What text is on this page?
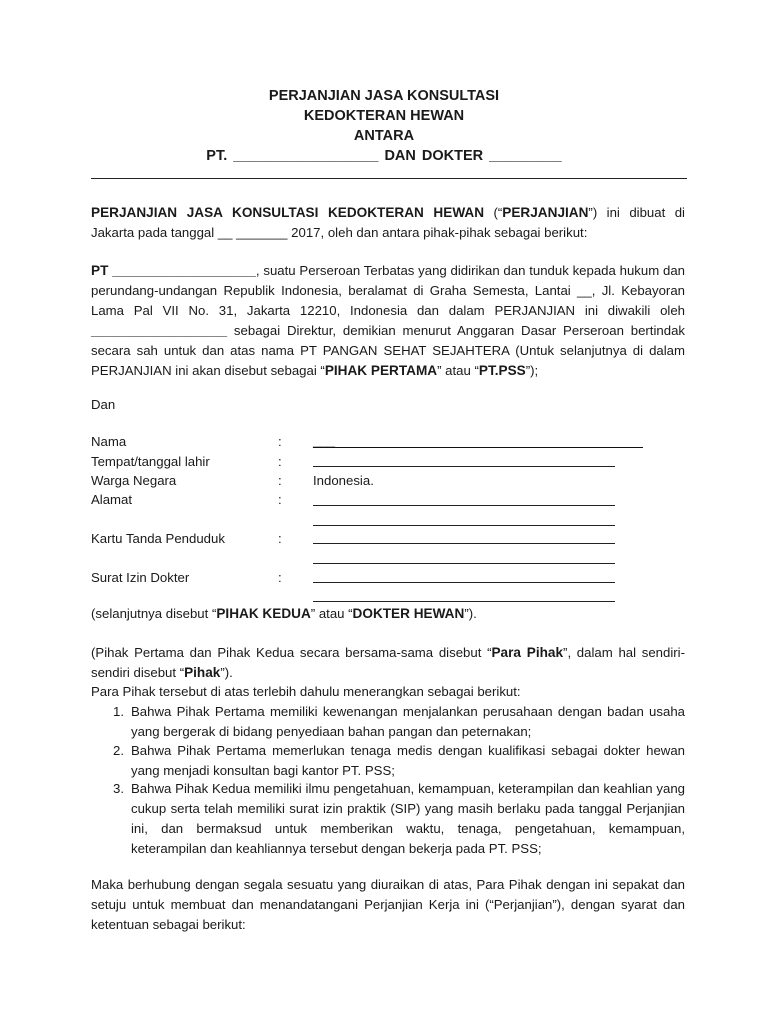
PERJANJIAN JASA KONSULTASI
KEDOKTERAN HEWAN
ANTARA
PT. __________________ DAN DOKTER _________
PERJANJIAN JASA KONSULTASI KEDOKTERAN HEWAN (“PERJANJIAN”) ini dibuat di Jakarta pada tanggal __ _______ 2017, oleh dan antara pihak-pihak sebagai berikut:
PT ___________________, suatu Perseroan Terbatas yang didirikan dan tunduk kepada hukum dan perundang-undangan Republik Indonesia, beralamat di Graha Semesta, Lantai __, Jl. Kebayoran Lama Pal VII No. 31, Jakarta 12210, Indonesia dan dalam PERJANJIAN ini diwakili oleh __________________ sebagai Direktur, demikian menurut Anggaran Dasar Perseroan bertindak secara sah untuk dan atas nama PT PANGAN SEHAT SEJAHTERA (Untuk selanjutnya di dalam PERJANJIAN ini akan disebut sebagai “PIHAK PERTAMA” atau “PT.PSS”);
Dan
Nama	: ___
Tempat/tanggal lahir	:
Warga Negara	: Indonesia.
Alamat	:
Kartu Tanda Penduduk	:
Surat Izin Dokter	:
(selanjutnya disebut “PIHAK KEDUA” atau “DOKTER HEWAN”).
(Pihak Pertama dan Pihak Kedua secara bersama-sama disebut “Para Pihak”, dalam hal sendiri-sendiri disebut “Pihak”).
Para Pihak tersebut di atas terlebih dahulu menerangkan sebagai berikut:
1. Bahwa Pihak Pertama memiliki kewenangan menjalankan perusahaan dengan badan usaha yang bergerak di bidang penyediaan bahan pangan dan peternakan;
2. Bahwa Pihak Pertama memerlukan tenaga medis dengan kualifikasi sebagai dokter hewan yang menjadi konsultan bagi kantor PT. PSS;
3. Bahwa Pihak Kedua memiliki ilmu pengetahuan, kemampuan, keterampilan dan keahlian yang cukup serta telah memiliki surat izin praktik (SIP) yang masih berlaku pada tanggal Perjanjian ini, dan bermaksud untuk memberikan waktu, tenaga, pengetahuan, kemampuan, keterampilan dan keahliannya tersebut dengan bekerja pada PT. PSS;
Maka berhubung dengan segala sesuatu yang diuraikan di atas, Para Pihak dengan ini sepakat dan setuju untuk membuat dan menandatangani Perjanjian Kerja ini (“Perjanjian”), dengan syarat dan ketentuan sebagai berikut:
